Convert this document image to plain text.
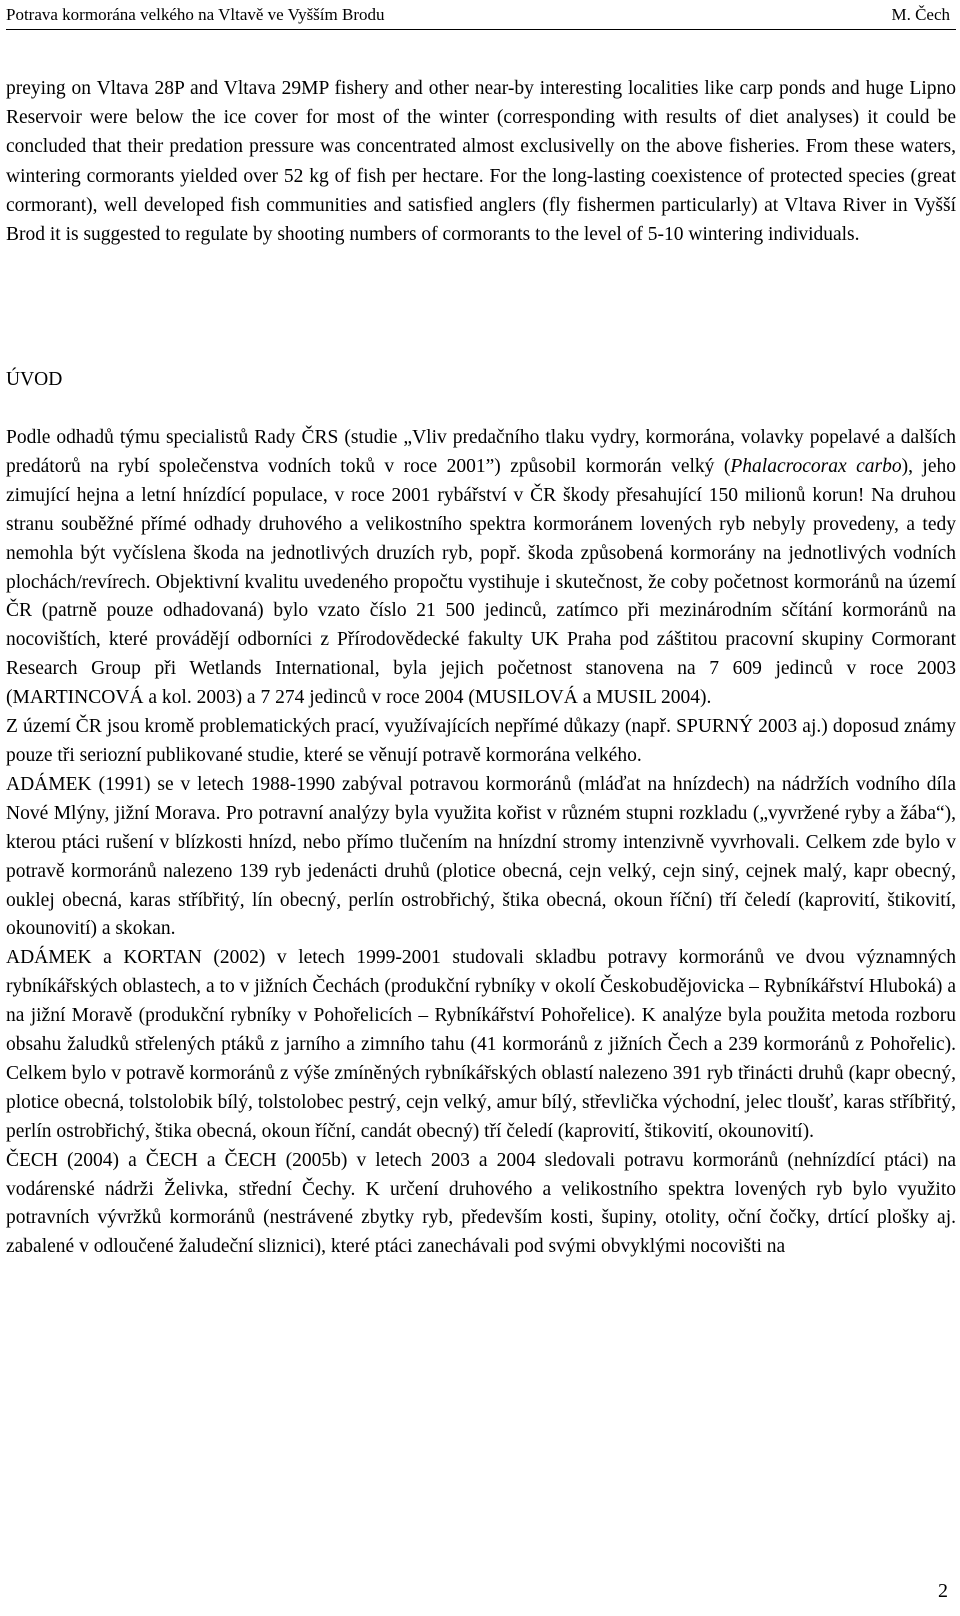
Potrava kormorána velkého na Vltavě ve Vyšším Brodu	M. Čech

preying on Vltava 28P and Vltava 29MP fishery and other near-by interesting localities like carp ponds and huge Lipno Reservoir were below the ice cover for most of the winter (corresponding with results of diet analyses) it could be concluded that their predation pressure was concentrated almost exclusivelly on the above fisheries. From these waters, wintering cormorants yielded over 52 kg of fish per hectare. For the long-lasting coexistence of protected species (great cormorant), well developed fish communities and satisfied anglers (fly fishermen particularly) at Vltava River in Vyšší Brod it is suggested to regulate by shooting numbers of cormorants to the level of 5-10 wintering individuals.

ÚVOD

Podle odhadů týmu specialistů Rady ČRS (studie „Vliv predačního tlaku vydry, kormorána, volavky popelavé a dalších predátorů na rybí společenstva vodních toků v roce 2001”) způsobil kormorán velký (Phalacrocorax carbo), jeho zimující hejna a letní hnízdící populace, v roce 2001 rybářství v ČR škody přesahující 150 milionů korun! Na druhou stranu souběžné přímé odhady druhového a velikostního spektra kormoránem lovených ryb nebyly provedeny, a tedy nemohla být vyčíslena škoda na jednotlivých druzích ryb, popř. škoda způsobená kormorány na jednotlivých vodních plochách/revírech. Objektivní kvalitu uvedeného propočtu vystihuje i skutečnost, že coby početnost kormoránů na území ČR (patrně pouze odhadovaná) bylo vzato číslo 21 500 jedinců, zatímco při mezinárodním sčítání kormoránů na nocovištích, které provádějí odborníci z Přírodovědecké fakulty UK Praha pod záštitou pracovní skupiny Cormorant Research Group při Wetlands International, byla jejich početnost stanovena na 7 609 jedinců v roce 2003 (MARTINCOVÁ a kol. 2003) a 7 274 jedinců v roce 2004 (MUSILOVÁ a MUSIL 2004).

Z území ČR jsou kromě problematických prací, využívajících nepřímé důkazy (např. SPURNÝ 2003 aj.) doposud známy pouze tři seriozní publikované studie, které se věnují potravě kormorána velkého.

ADÁMEK (1991) se v letech 1988-1990 zabýval potravou kormoránů (mláďat na hnízdech) na nádržích vodního díla Nové Mlýny, jižní Morava. Pro potravní analýzy byla využita kořist v různém stupni rozkladu („vyvržené ryby a žába“), kterou ptáci rušení v blízkosti hnízd, nebo přímo tlučením na hnízdní stromy intenzivně vyvrhovali. Celkem zde bylo v potravě kormoránů nalezeno 139 ryb jedenácti druhů (plotice obecná, cejn velký, cejn siný, cejnek malý, kapr obecný, ouklej obecná, karas stříbřitý, lín obecný, perlín ostrobřichý, štika obecná, okoun říční) tří čeledí (kaprovití, štikovití, okounovití) a skokan.

ADÁMEK a KORTAN (2002) v letech 1999-2001 studovali skladbu potravy kormoránů ve dvou významných rybníkářských oblastech, a to v jižních Čechách (produkční rybníky v okolí Českobudějovicka – Rybníkářství Hluboká) a na jižní Moravě (produkční rybníky v Pohořelicích – Rybníkářství Pohořelice). K analýze byla použita metoda rozboru obsahu žaludků střelených ptáků z jarního a zimního tahu (41 kormoránů z jižních Čech a 239 kormoránů z Pohořelic). Celkem bylo v potravě kormoránů z výše zmíněných rybníkářských oblastí nalezeno 391 ryb třinácti druhů (kapr obecný, plotice obecná, tolstolobik bílý, tolstolobec pestrý, cejn velký, amur bílý, střevlička východní, jelec tloušť, karas stříbřitý, perlín ostrobřichý, štika obecná, okoun říční, candát obecný) tří čeledí (kaprovití, štikovití, okounovití).

ČECH (2004) a ČECH a ČECH (2005b) v letech 2003 a 2004 sledovali potravu kormoránů (nehnízdící ptáci) na vodárenské nádrži Želivka, střední Čechy. K určení druhového a velikostního spektra lovených ryb bylo využito potravních vývržků kormoránů (nestrávené zbytky ryb, především kosti, šupiny, otolity, oční čočky, drtící plošky aj. zabalené v odloučené žaludeční sliznici), které ptáci zanechávali pod svými obvyklými nocovišti na

2
